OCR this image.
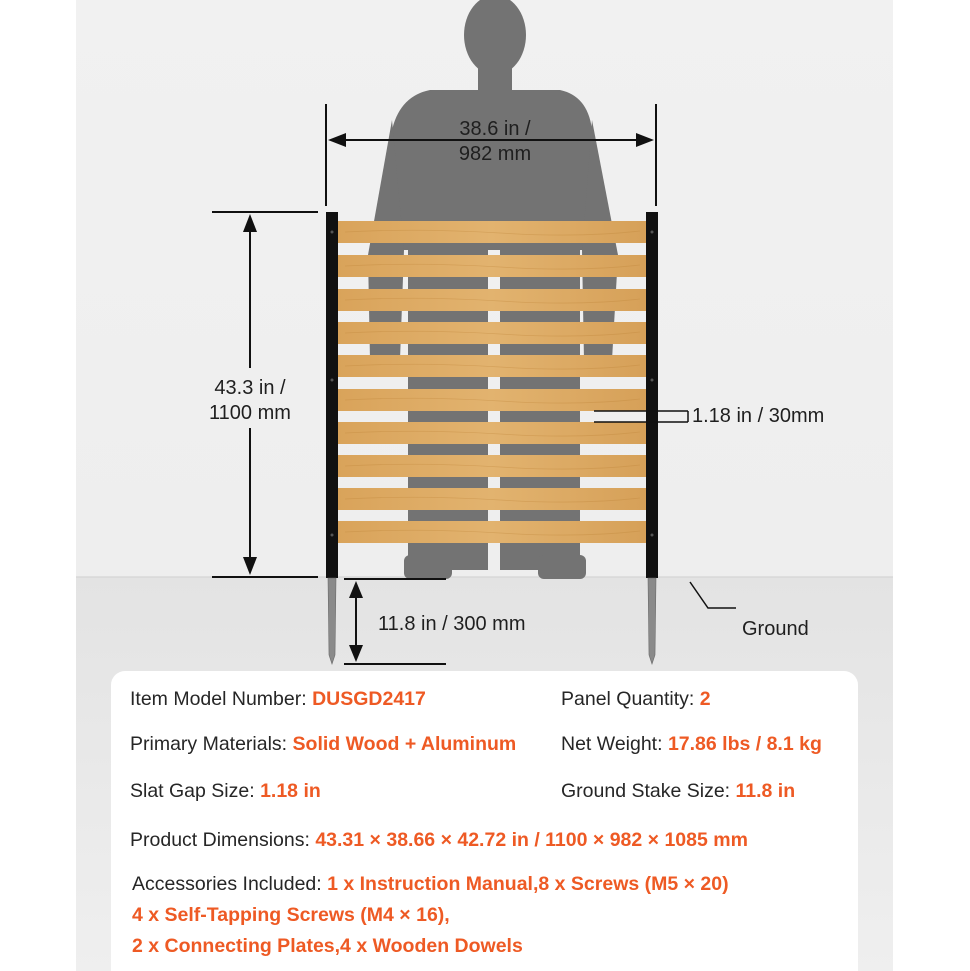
38.6 in /
982 mm
43.3 in /
1100 mm	1.18 in / 30mm
11.8 in / 300 mm	Ground
Item Model Number: DUSGD2417	Panel Quantity: 2
Primary Materials: Solid Wood + Aluminum Net Weight: 17.86 lbs / 8.1 kg
Slat Gap Size: 1.18 in	Ground Stake Size: 11.8 in
Product Dimensions: 43.31 × 38.66 × 42.72 in / 1100 × 982 × 1085 mm
Accessories Included: 1 x Instruction Manual,8 x Screws (M5 × 20)
4 x Self-Tapping Screws (M4 × 16),
2 x Connecting Plates,4 x Wooden Dowels
